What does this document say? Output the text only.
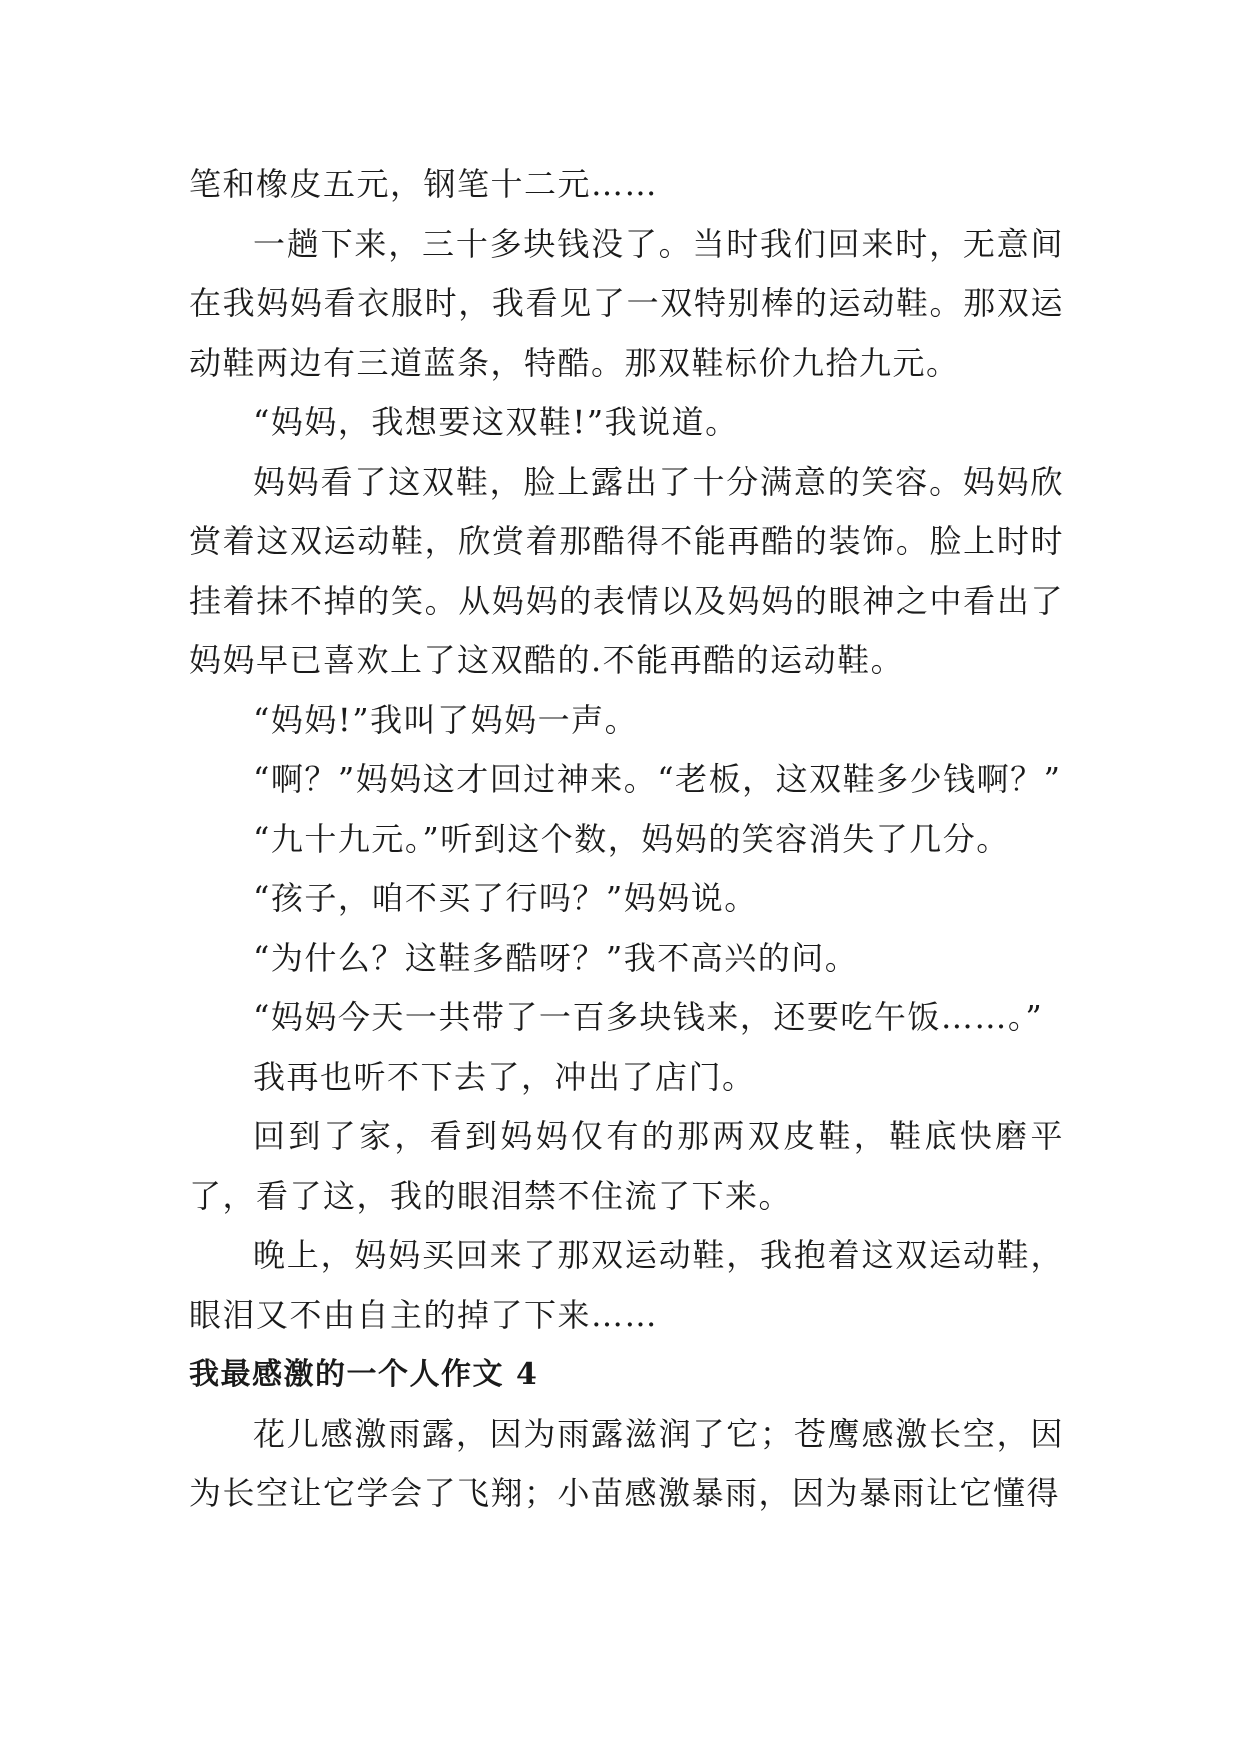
笔和橡皮五元，钢笔十二元……

一趟下来，三十多块钱没了。当时我们回来时，无意间在我妈妈看衣服时，我看见了一双特别棒的运动鞋。那双运动鞋两边有三道蓝条，特酷。那双鞋标价九拾九元。

“妈妈，我想要这双鞋!”我说道。

妈妈看了这双鞋，脸上露出了十分满意的笑容。妈妈欣赏着这双运动鞋，欣赏着那酷得不能再酷的装饰。脸上时时挂着抹不掉的笑。从妈妈的表情以及妈妈的眼神之中看出了妈妈早已喜欢上了这双酷的.不能再酷的运动鞋。

“妈妈!”我叫了妈妈一声。

“啊？”妈妈这才回过神来。“老板，这双鞋多少钱啊？”

“九十九元。”听到这个数，妈妈的笑容消失了几分。

“孩子，咱不买了行吗？”妈妈说。

“为什么？这鞋多酷呀？”我不高兴的问。

“妈妈今天一共带了一百多块钱来，还要吃午饭……。”

我再也听不下去了，冲出了店门。

回到了家，看到妈妈仅有的那两双皮鞋，鞋底快磨平了，看了这，我的眼泪禁不住流了下来。

晚上，妈妈买回来了那双运动鞋，我抱着这双运动鞋，眼泪又不由自主的掉了下来……

我最感激的一个人作文 4

花儿感激雨露，因为雨露滋润了它；苍鹰感激长空，因为长空让它学会了飞翔；小苗感激暴雨，因为暴雨让它懂得
